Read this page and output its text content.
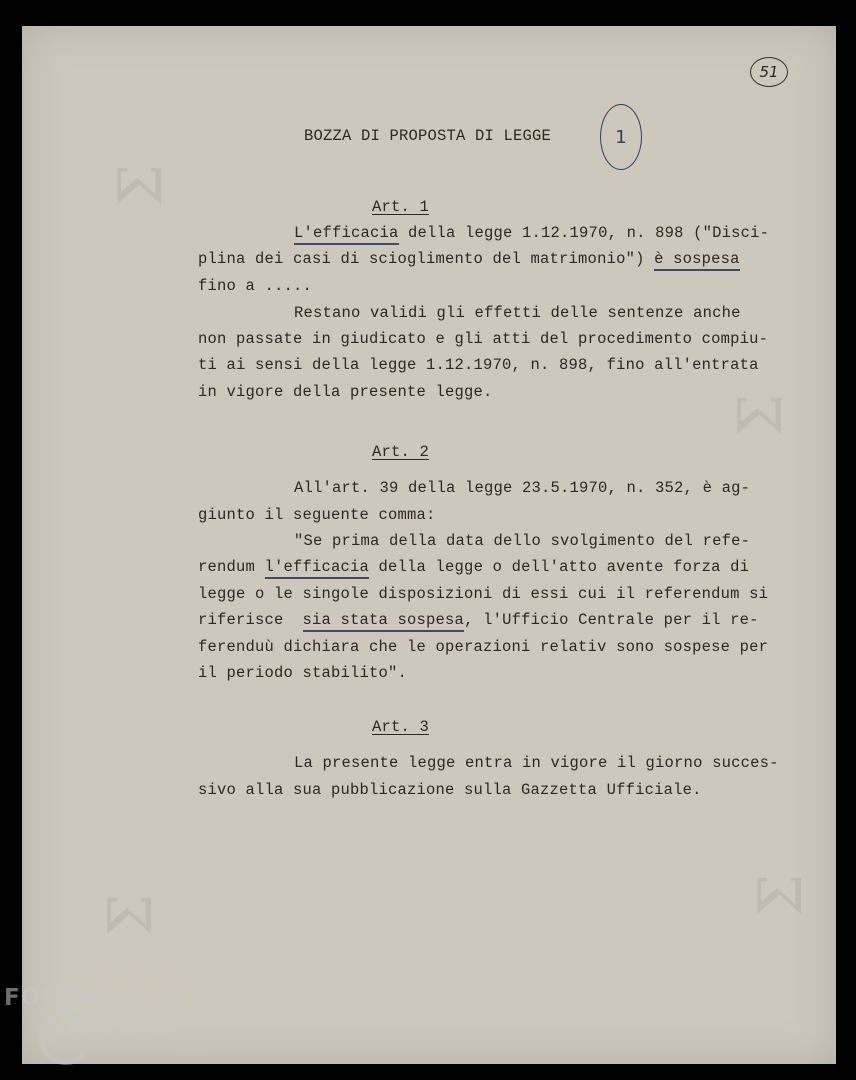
Σ
Σ
Σ	Σ
51
1
BOZZA DI PROPOSTA DI LEGGE
Art. 1
L'efficacia della legge 1.12.1970, n. 898 ("Disci-
plina dei casi di scioglimento del matrimonio") è sospesa
fino a .....
Restano validi gli effetti delle sentenze anche
non passate in giudicato e gli atti del procedimento compiu-
ti ai sensi della legge 1.12.1970, n. 898, fino all'entrata
in vigore della presente legge.
Art. 2
All'art. 39 della legge 23.5.1970, n. 352, è ag-
giunto il seguente comma:
"Se prima della data dello svolgimento del refe-
rendum l'efficacia della legge o dell'atto avente forza di
legge o le singole disposizioni di essi cui il referendum si
riferisce  sia stata sospesa, l'Ufficio Centrale per il re-
ferenduù dichiara che le operazioni relativ sono sospese per
il periodo stabilito".
Art. 3
La presente legge entra in vigore il giorno succes-
sivo alla sua pubblicazione sulla Gazzetta Ufficiale.
FONDAZIONE
RAMSCI
onlus
